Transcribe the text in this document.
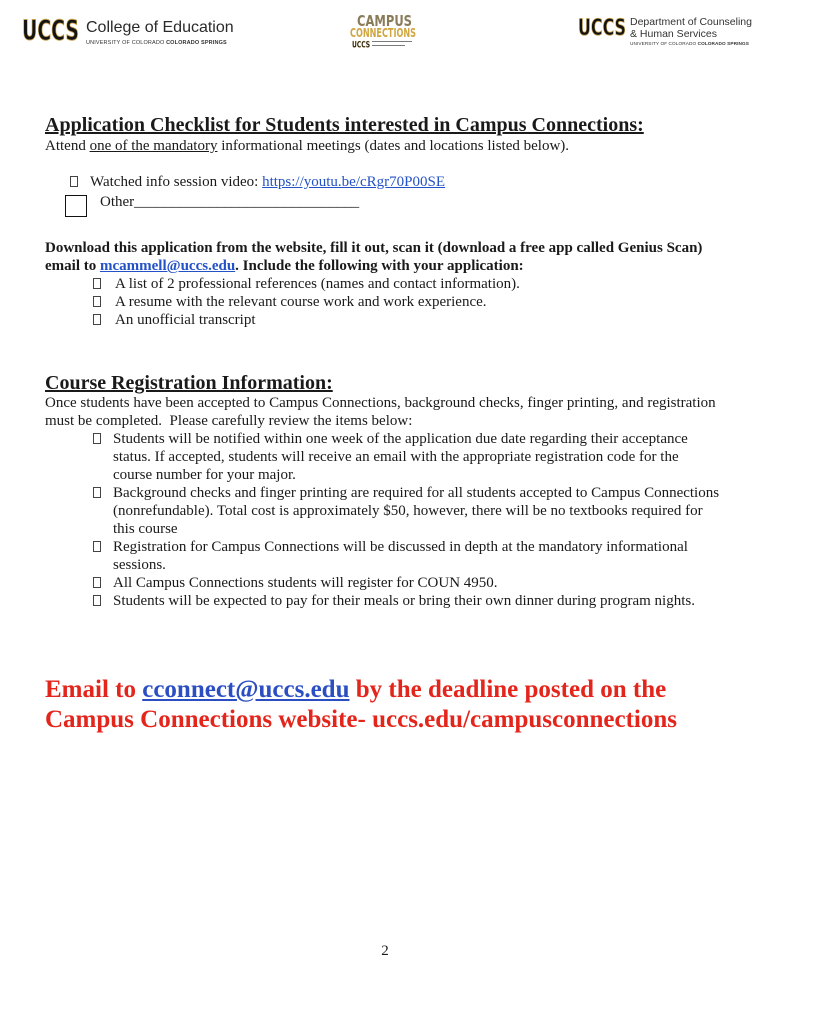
UCCS College of Education
UNIVERSITY OF COLORADO COLORADO SPRINGS
CAMPUS
CONNECTIONS
UCCS
UCCS Department of Counseling
& Human Services
UNIVERSITY OF COLORADO COLORADO SPRINGS
Application Checklist for Students interested in Campus Connections:
Attend one of the mandatory informational meetings (dates and locations listed below).
Watched info session video: https://youtu.be/cRgr70P00SE
Other______________________________
Download this application from the website, fill it out, scan it (download a free app called Genius Scan)
email to mcammell@uccs.edu. Include the following with your application:
A list of 2 professional references (names and contact information).
A resume with the relevant course work and work experience.
An unofficial transcript
Course Registration Information:
Once students have been accepted to Campus Connections, background checks, finger printing, and registration
must be completed.  Please carefully review the items below:
Students will be notified within one week of the application due date regarding their acceptance
status. If accepted, students will receive an email with the appropriate registration code for the
course number for your major.
Background checks and finger printing are required for all students accepted to Campus Connections
(nonrefundable). Total cost is approximately $50, however, there will be no textbooks required for
this course
Registration for Campus Connections will be discussed in depth at the mandatory informational
sessions.
All Campus Connections students will register for COUN 4950.
Students will be expected to pay for their meals or bring their own dinner during program nights.
Email to cconnect@uccs.edu by the deadline posted on the
Campus Connections website- uccs.edu/campusconnections
2
